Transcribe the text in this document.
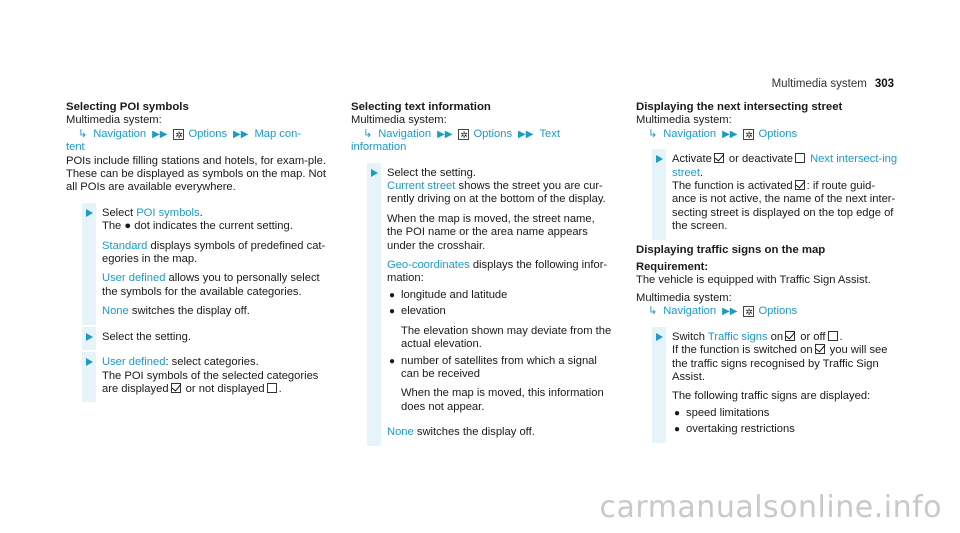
Multimedia system 303
Selecting POI symbols

Multimedia system:

↳ Navigation ▶▶ ✲ Options ▶▶ Map con-

tent

POIs include filling stations and hotels, for exam-ple. These can be displayed as symbols on the map. Not all POIs are available everywhere.

Select POI symbols.

The ● dot indicates the current setting.

Standard displays symbols of predefined cat-egories in the map.

User defined allows you to personally select the symbols for the available categories.

None switches the display off.

Select the setting.

User defined: select categories.

The POI symbols of the selected categories are displayed or not displayed .

Selecting text information

Multimedia system:

↳ Navigation ▶▶ ✲ Options ▶▶ Text

information

Select the setting.

Current street shows the street you are cur-rently driving on at the bottom of the display.

When the map is moved, the street name, the POI name or the area name appears under the crosshair.

Geo-coordinates displays the following infor-mation:

● longitude and latitude
● elevation

The elevation shown may deviate from the actual elevation.

● number of satellites from which a signal can be received

When the map is moved, this information does not appear.

None switches the display off.

Displaying the next intersecting street

Multimedia system:

↳ Navigation ▶▶ ✲ Options

Activate or deactivate Next intersect-ing street.

The function is activated : if route guid-ance is not active, the name of the next inter-secting street is displayed on the top edge of the screen.

Displaying traffic signs on the map

Requirement:

The vehicle is equipped with Traffic Sign Assist.

Multimedia system:

↳ Navigation ▶▶ ✲ Options

Switch Traffic signs on or off .

If the function is switched on you will see the traffic signs recognised by Traffic Sign Assist.

The following traffic signs are displayed:

● speed limitations
● overtaking restrictions
carmanualsonline.info
